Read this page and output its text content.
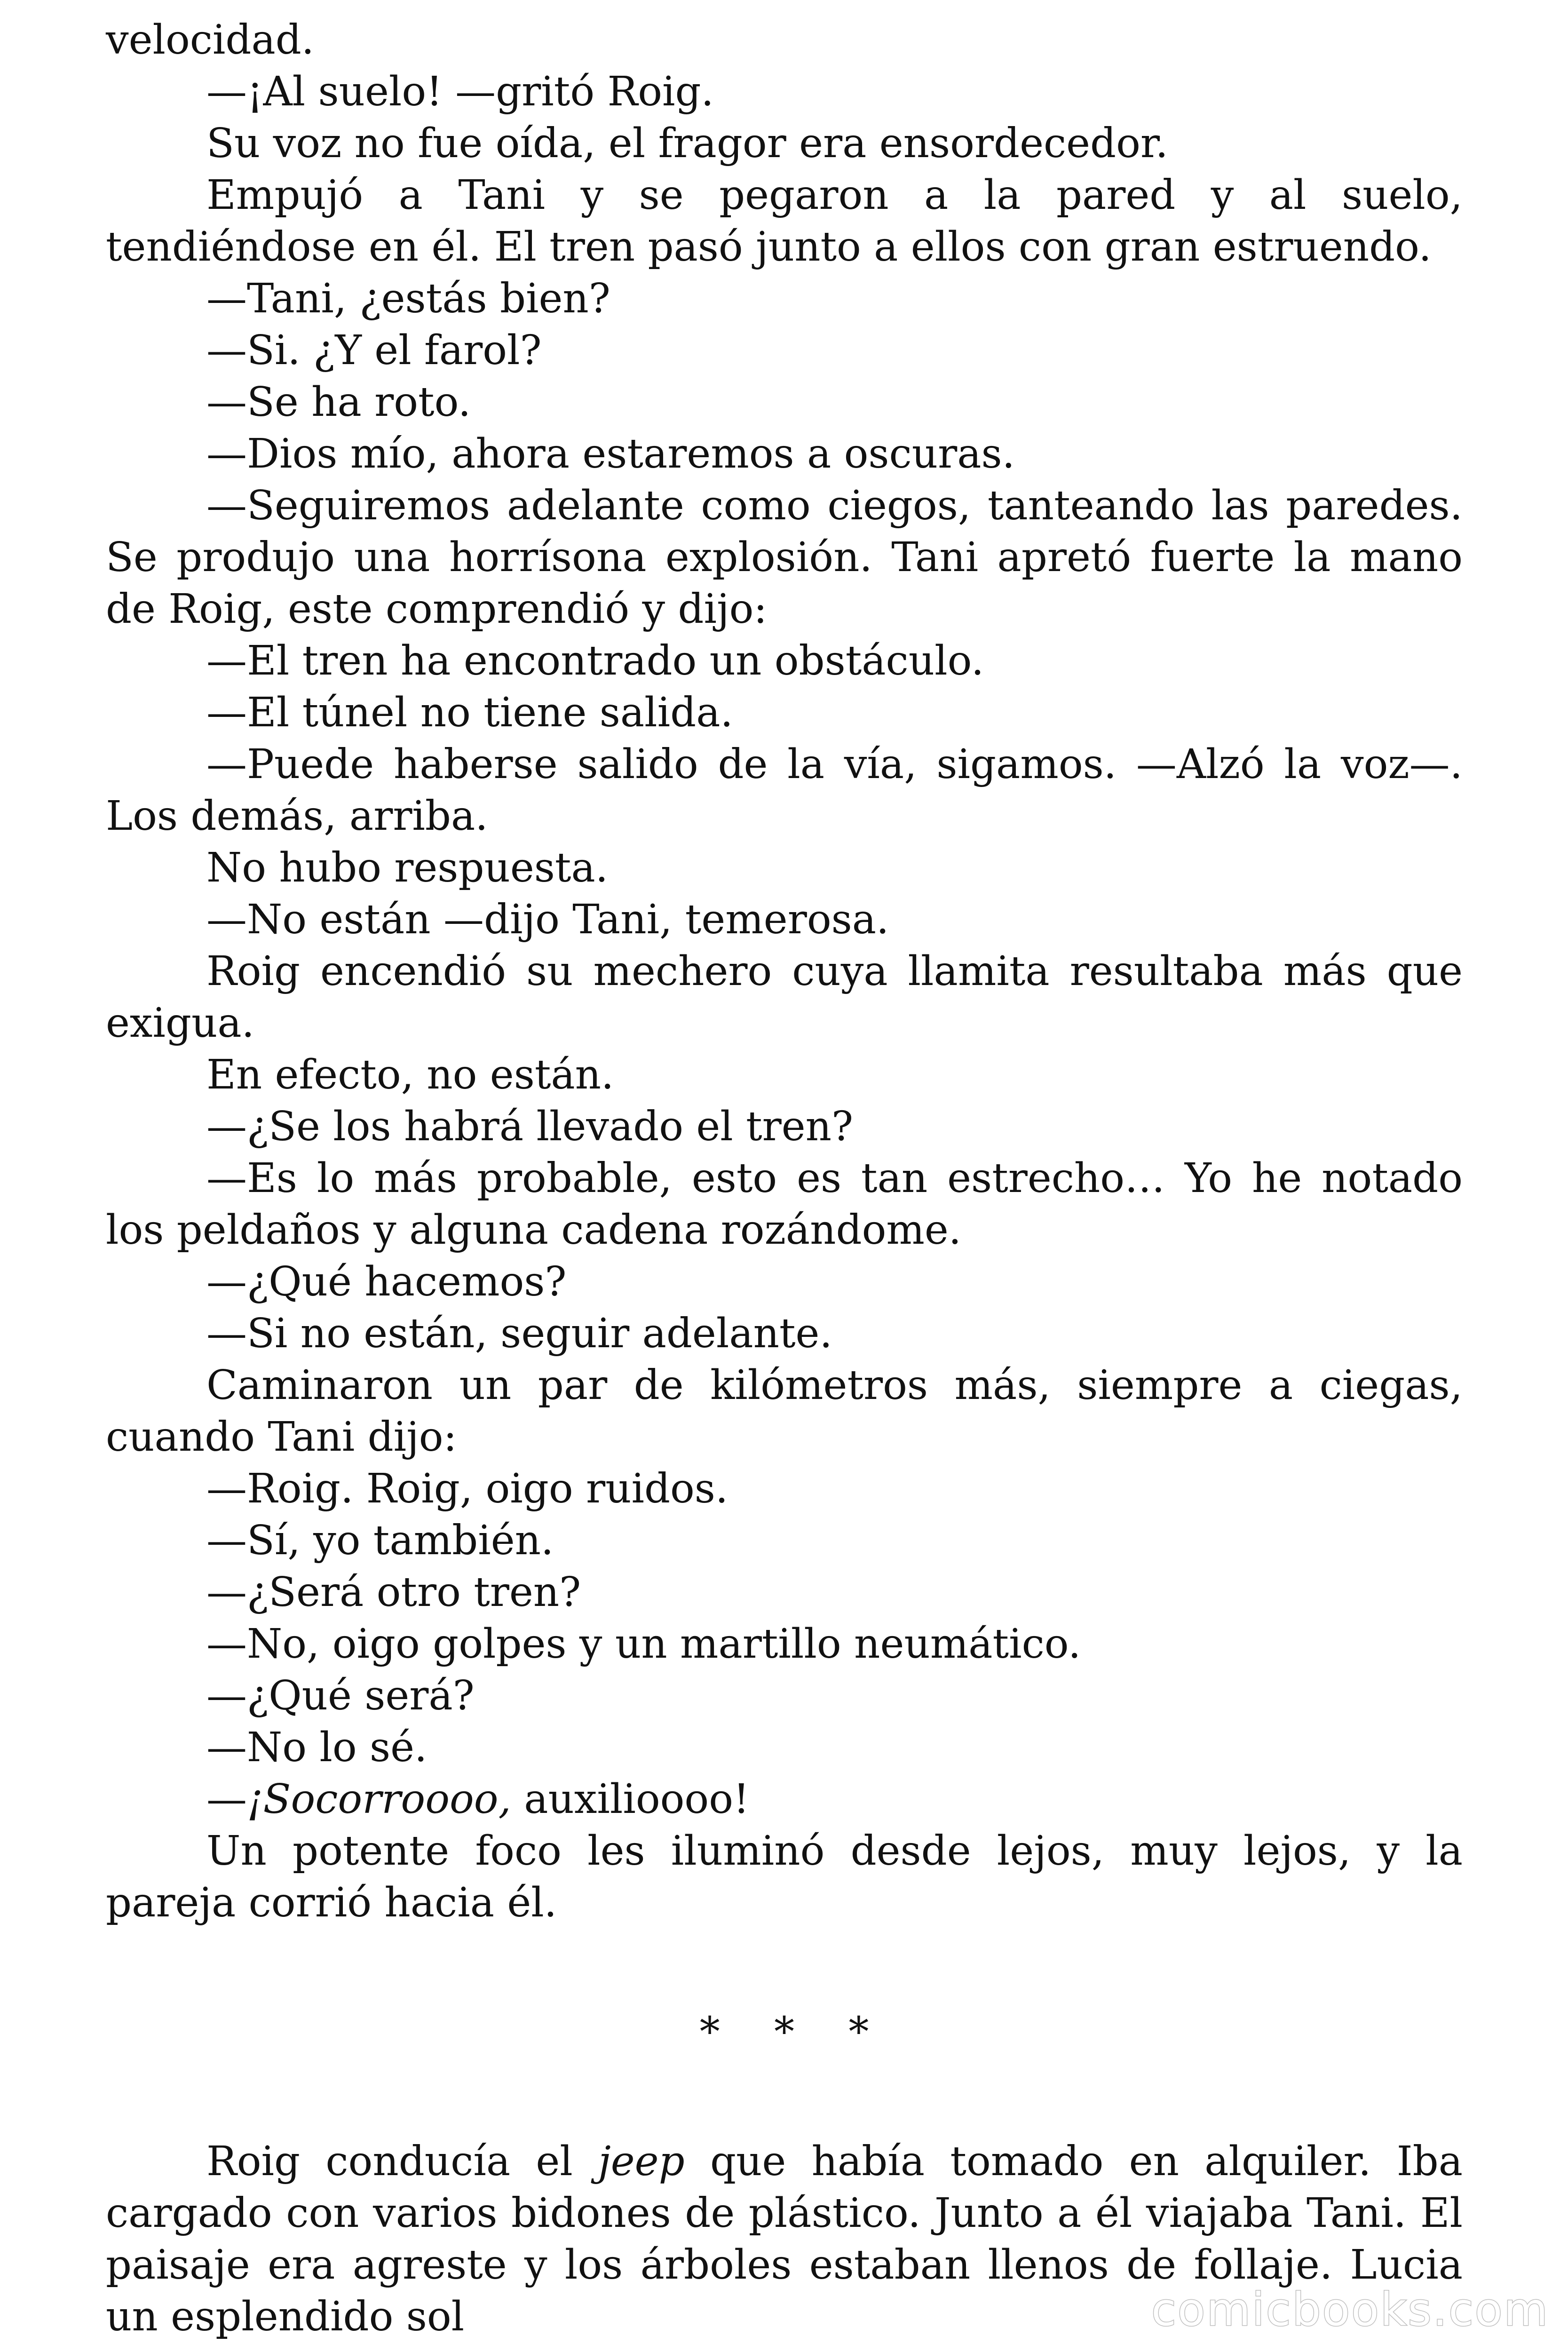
velocidad.

—¡Al suelo! —gritó Roig.

Su voz no fue oída, el fragor era ensordecedor.

Empujó a Tani y se pegaron a la pared y al suelo, tendiéndose en él. El tren pasó junto a ellos con gran estruendo.

—Tani, ¿estás bien?

—Si. ¿Y el farol?

—Se ha roto.

—Dios mío, ahora estaremos a oscuras.

—Seguiremos adelante como ciegos, tanteando las paredes. Se produjo una horrísona explosión. Tani apretó fuerte la mano de Roig, este comprendió y dijo:

—El tren ha encontrado un obstáculo.

—El túnel no tiene salida.

—Puede haberse salido de la vía, sigamos. —Alzó la voz—. Los demás, arriba.

No hubo respuesta.

—No están —dijo Tani, temerosa.

Roig encendió su mechero cuya llamita resultaba más que exigua.

En efecto, no están.

—¿Se los habrá llevado el tren?

—Es lo más probable, esto es tan estrecho… Yo he notado los peldaños y alguna cadena rozándome.

—¿Qué hacemos?

—Si no están, seguir adelante.

Caminaron un par de kilómetros más, siempre a ciegas, cuando Tani dijo:

—Roig. Roig, oigo ruidos.

—Sí, yo también.

—¿Será otro tren?

—No, oigo golpes y un martillo neumático.

—¿Qué será?

—No lo sé.

—¡Socorroooo, auxilioooo!

Un potente foco les iluminó desde lejos, muy lejos, y la pareja corrió hacia él.

* * *

Roig conducía el jeep que había tomado en alquiler. Iba cargado con varios bidones de plástico. Junto a él viajaba Tani. El paisaje era agreste y los árboles estaban llenos de follaje. Lucia un esplendido sol	comicbooks.com
